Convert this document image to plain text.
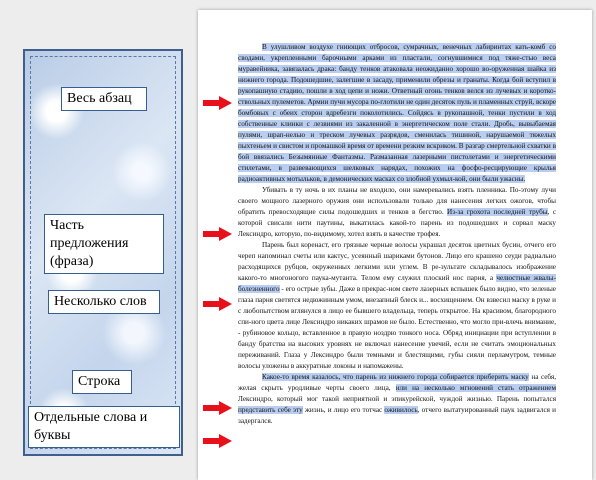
Весь абзац
Часть предложения (фраза)
Несколько слов
Строка
Отдельные слова и буквы

В улушливом воздухе гниющих отбросов, сумрачных, венечных лабиринтах кать-комб со сводами, укрепленными барочными арками из пластали, согнувшимися под тяже-стью веса муравейника, завязалась драка: банду тенков атаковала неожиданно хорошо во-оруженная шайка из нижнего города. Подошедшие, залегшие в засаду, применили обрезы и гранаты. Когда бой вступил в рукопашную стадию, пошли в ход цепи и ножи. Ответный огонь тенков велся из лучевых и короткоствольных пулеметов. Армии пучи мусора по-глотили не один десяток пуль и пламенных струй, вскоре бомбовых с обеих сторон вдребезги поколотились. Сойдясь в рукопашной, тенки пустили в ход собственные клинки с лезвиями из закаленной в энергетическом поле стали. Дробь, вывыбаемая пулями, шрап-нелью и треском лучевых разрядов, сменилась тишиной, нарушаемой тяжелых пыхтеньем и свистом и промашкой время от времени резким вскриком. В разгар смертельной схватки в бой ввязались Безымянные Фантазмы. Размазанная лазерными пистолетами и энергетическими стилетами, в развевающихся шелковых нарядах, похожих на фосфо-ресцирующие крылья радиоактивных мотыльков, в демонических масках со злобной ухмыл-кой, они были ужасны.

Убивать в ту ночь в их планы не входило, они намеревались взять пленника. По-этому лучи своего мощного лазерного оружия они использовали только для нанесения легких ожогов, чтобы обратить превосходящие силы подошедших и тенков в бегство. Из-за грохота последней трубы, с которой свисали нити паутины, выкатилась какой-то парень из подошедших и сорвал маску Лексиндро, которую, по-видимому, хотел взять в качестве трофея.

Парень был коренаст, его грязные черные волосы украшал десяток цветных бусин, отчего его череп напоминал счеты или кактус, усеянный шариками бутонов. Лицо его крашено сеуди радиально расходящихся рубцов, окруженных легкими или углем. В ре-зультате складывалось изображение какого-то многоногого паука-мутанта. Телом ему служил плоский нос парня, а челюстные жвалы-болезненного - его острые зубы. Даже в прекрас-ном свете лазерных вспышек было видно, что зеленые глаза парня светятся недюжинным умом, внезапный блеск и... восхищением. Он взвесил маску в руке и с любопытством вглянулся в лицо ее бывшего владельца, теперь открытое. На красивом, благородного спи-ного цвета лице Лексиндро никаких шрамов не было. Естественно, что могло при-влечь внимание, - рубиновое кольцо, вставленное в правую ноздрю тонкого носа. Обряд инициации при вступлении в банду братства на высоких уровнях не включал нанесение увечий, если не считать эмоциональных переживаний. Глаза у Лексиндро были темными и блестящими, губы сияли перламутром, темные волосы уложены в аккуратные локоны и напомажены.

Какое-то время казалось, что парень из нижнего города собирается приберить маску на себя, желая скрыть уродливые черты своего лица, или на несколько мгновений стать отражением Лексиндро, который мог такой неприятной и эпикурейской, чуждой жизнью. Парень попытался представить себе эту жизнь, и лицо его тотчас оживилось, отчего вытатуированный паук задвигался и задергался.
